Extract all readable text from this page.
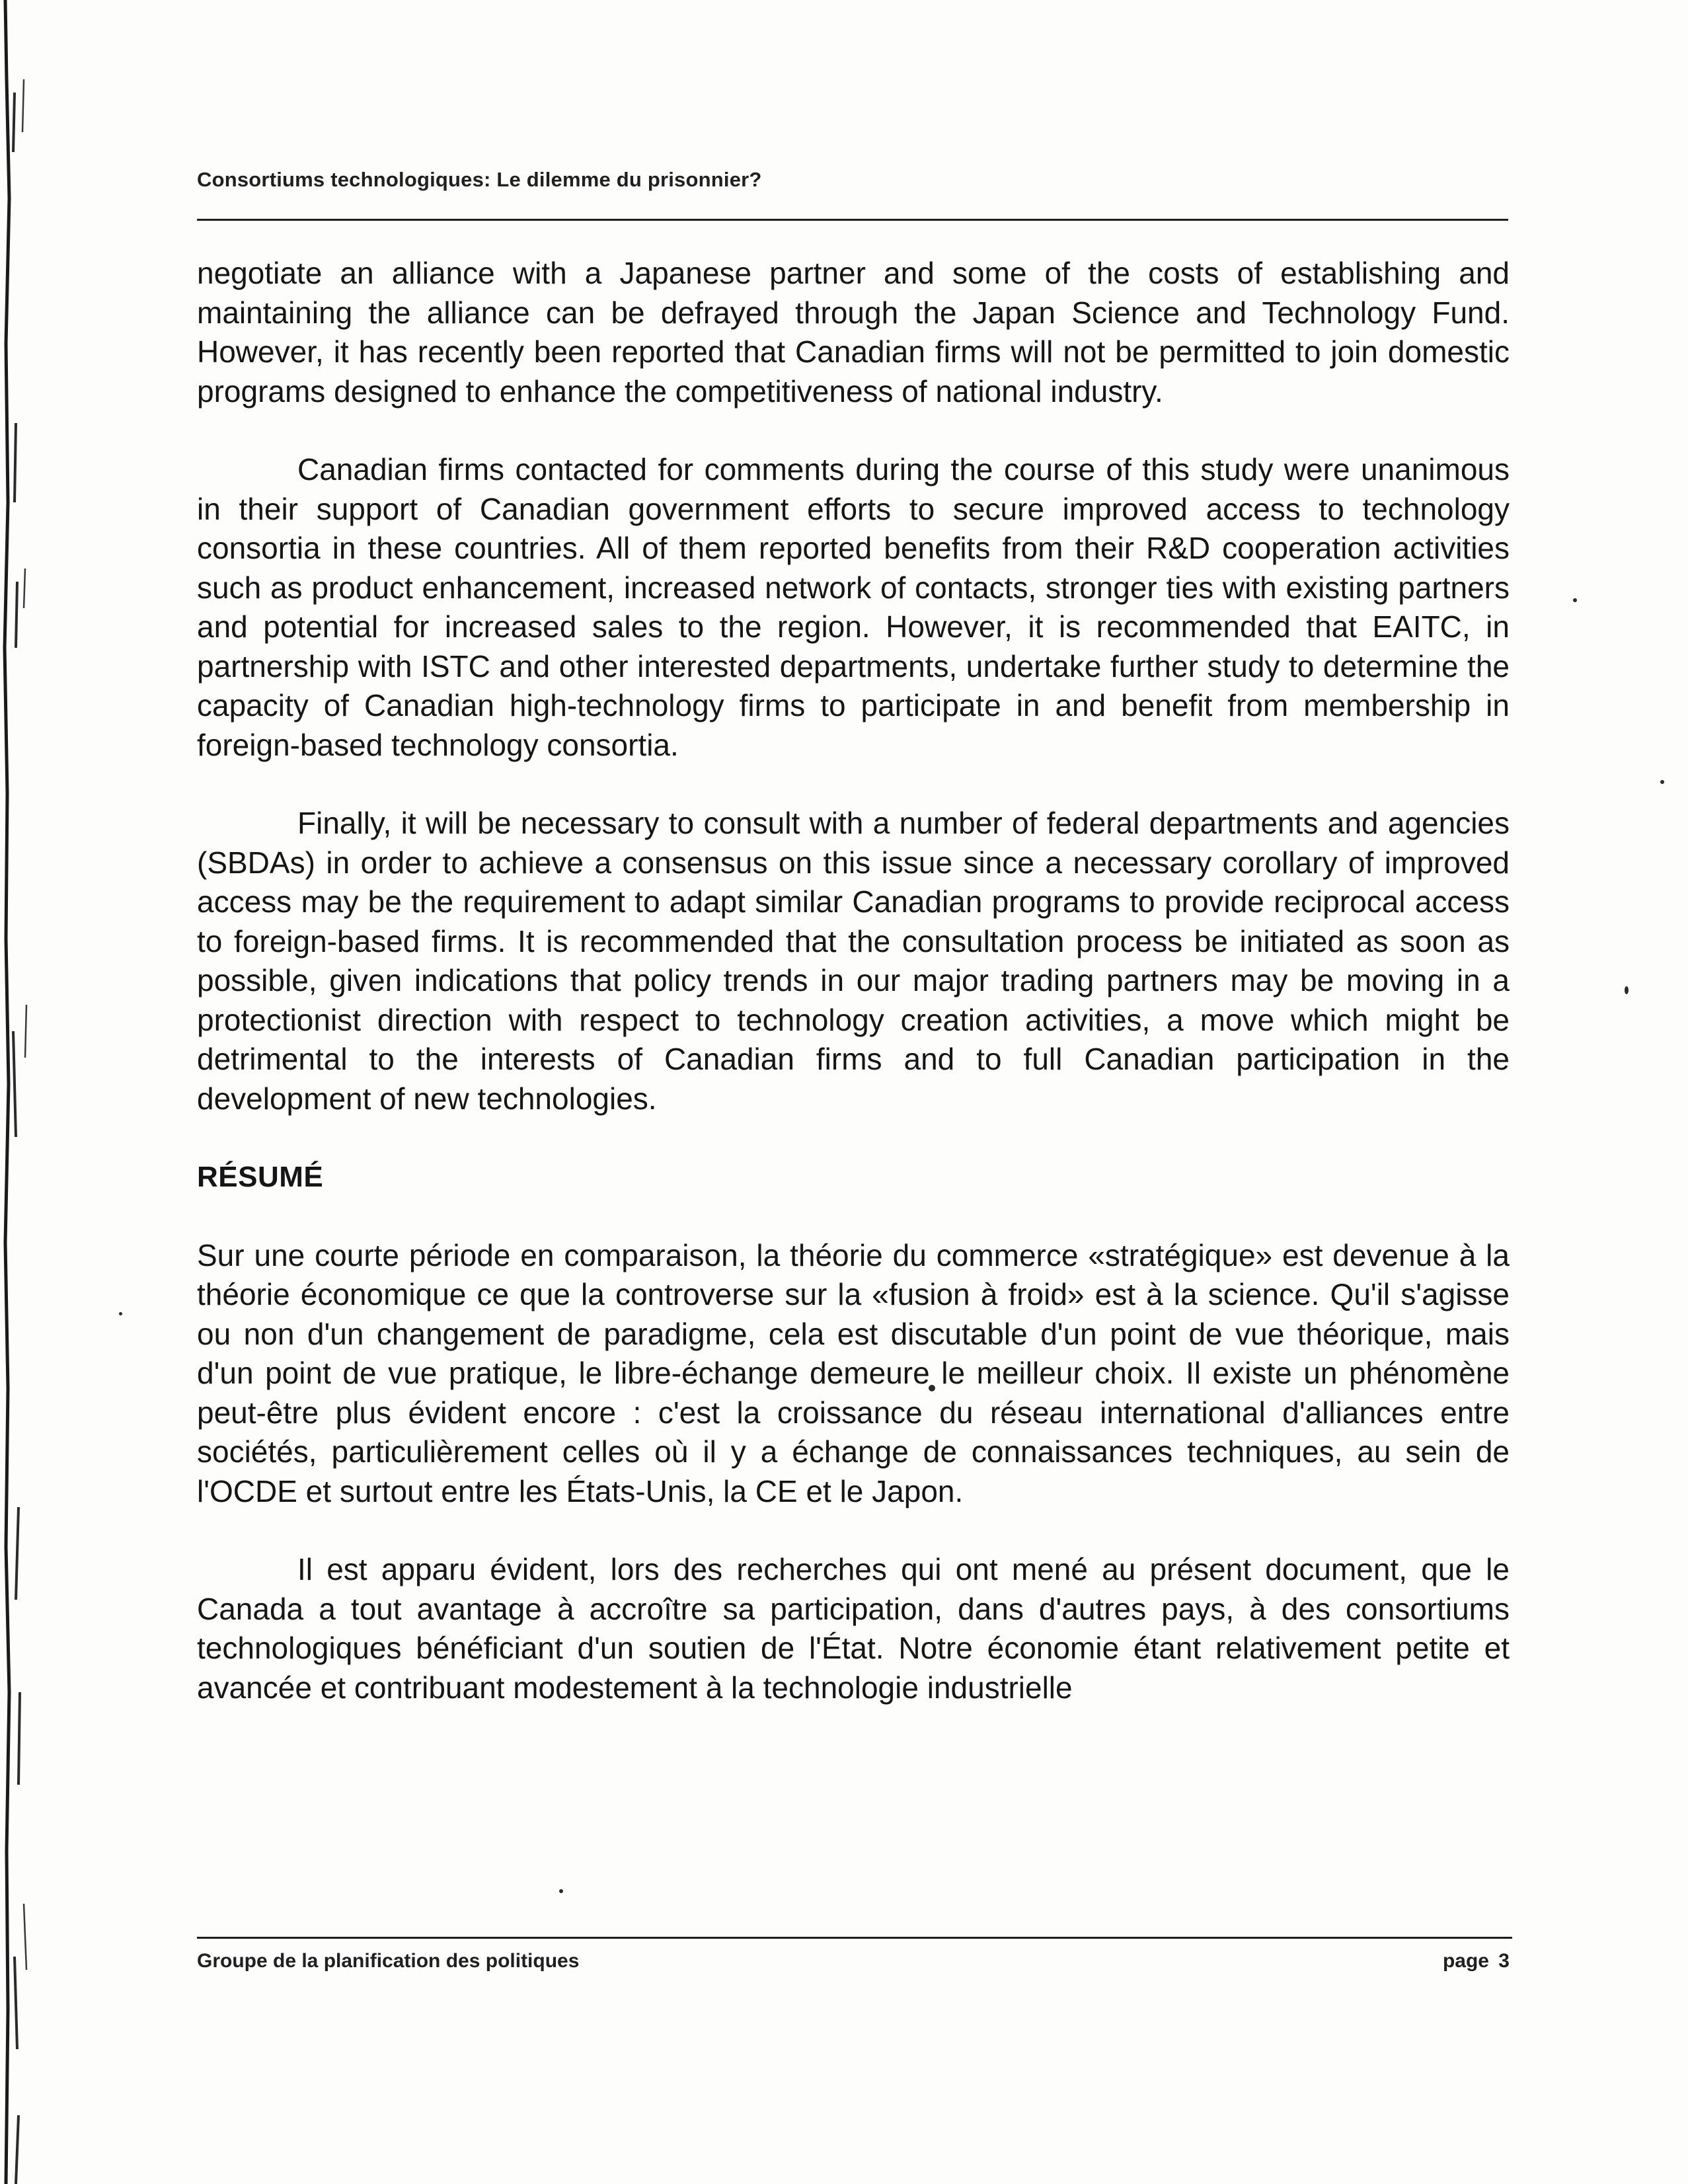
Consortiums technologiques: Le dilemme du prisonnier?

negotiate an alliance with a Japanese partner and some of the costs of establishing and maintaining the alliance can be defrayed through the Japan Science and Technology Fund. However, it has recently been reported that Canadian firms will not be permitted to join domestic programs designed to enhance the competitiveness of national industry.

Canadian firms contacted for comments during the course of this study were unanimous in their support of Canadian government efforts to secure improved access to technology consortia in these countries. All of them reported benefits from their R&D cooperation activities such as product enhancement, increased network of contacts, stronger ties with existing partners and potential for increased sales to the region. However, it is recommended that EAITC, in partnership with ISTC and other interested departments, undertake further study to determine the capacity of Canadian high-technology firms to participate in and benefit from membership in foreign-based technology consortia.

Finally, it will be necessary to consult with a number of federal departments and agencies (SBDAs) in order to achieve a consensus on this issue since a necessary corollary of improved access may be the requirement to adapt similar Canadian programs to provide reciprocal access to foreign-based firms. It is recommended that the consultation process be initiated as soon as possible, given indications that policy trends in our major trading partners may be moving in a protectionist direction with respect to technology creation activities, a move which might be detrimental to the interests of Canadian firms and to full Canadian participation in the development of new technologies.

RÉSUMÉ

Sur une courte période en comparaison, la théorie du commerce «stratégique» est devenue à la théorie économique ce que la controverse sur la «fusion à froid» est à la science. Qu'il s'agisse ou non d'un changement de paradigme, cela est discutable d'un point de vue théorique, mais d'un point de vue pratique, le libre-échange demeure le meilleur choix. Il existe un phénomène peut-être plus évident encore : c'est la croissance du réseau international d'alliances entre sociétés, particulièrement celles où il y a échange de connaissances techniques, au sein de l'OCDE et surtout entre les États-Unis, la CE et le Japon.

Il est apparu évident, lors des recherches qui ont mené au présent document, que le Canada a tout avantage à accroître sa participation, dans d'autres pays, à des consortiums technologiques bénéficiant d'un soutien de l'État. Notre économie étant relativement petite et avancée et contribuant modestement à la technologie industrielle

Groupe de la planification des politiques	page 3
